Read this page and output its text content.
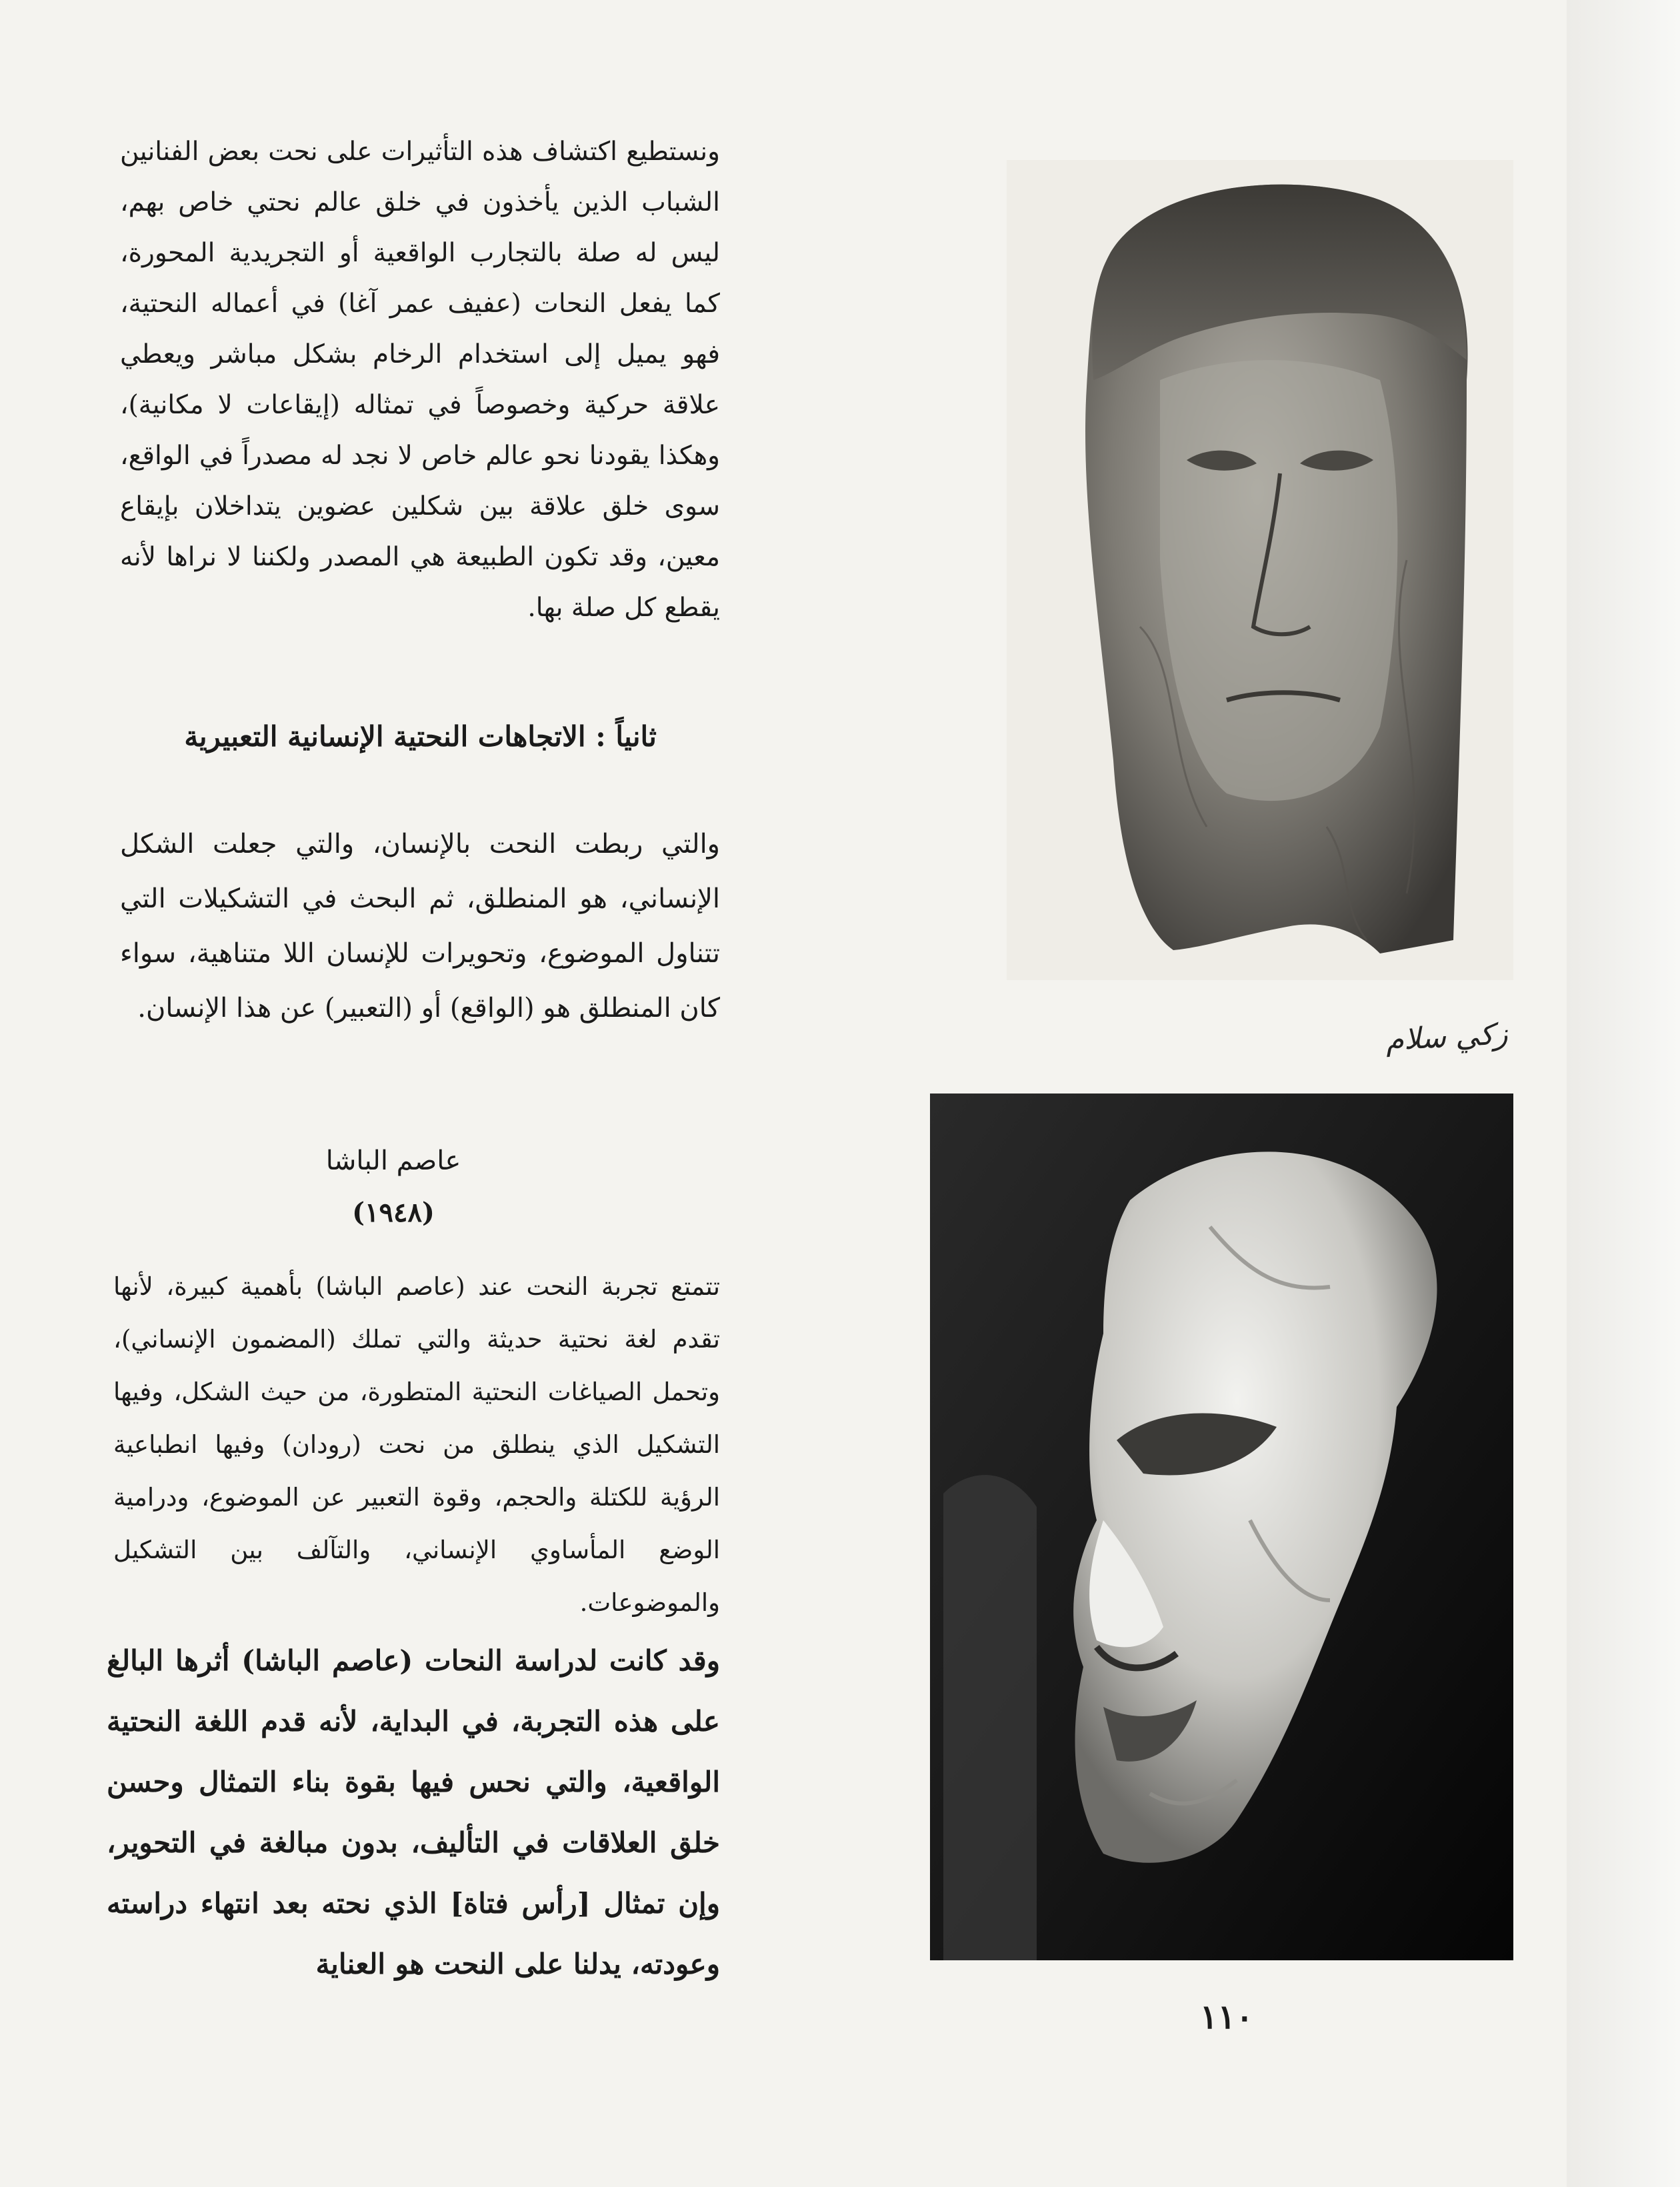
ونستطيع اكتشاف هذه التأثيرات على نحت بعض الفنانين الشباب الذين يأخذون في خلق عالم نحتي خاص بهم، ليس له صلة بالتجارب الواقعية أو التجريدية المحورة، كما يفعل النحات (عفيف عمر آغا) في أعماله النحتية، فهو يميل إلى استخدام الرخام بشكل مباشر ويعطي علاقة حركية وخصوصاً في تمثاله (إيقاعات لا مكانية)، وهكذا يقودنا نحو عالم خاص لا نجد له مصدراً في الواقع، سوى خلق علاقة بين شكلين عضوين يتداخلان بإيقاع معين، وقد تكون الطبيعة هي المصدر ولكننا لا نراها لأنه يقطع كل صلة بها.

ثانياً : الاتجاهات النحتية الإنسانية التعبيرية

والتي ربطت النحت بالإنسان، والتي جعلت الشكل الإنساني، هو المنطلق، ثم البحث في التشكيلات التي تتناول الموضوع، وتحويرات للإنسان اللا متناهية، سواء كان المنطلق هو (الواقع) أو (التعبير) عن هذا الإنسان.

عاصم الباشا
(١٩٤٨)

تتمتع تجربة النحت عند (عاصم الباشا) بأهمية كبيرة، لأنها تقدم لغة نحتية حديثة والتي تملك (المضمون الإنساني)، وتحمل الصياغات النحتية المتطورة، من حيث الشكل، وفيها التشكيل الذي ينطلق من نحت (رودان) وفيها انطباعية الرؤية للكتلة والحجم، وقوة التعبير عن الموضوع، ودرامية الوضع المأساوي الإنساني، والتآلف بين التشكيل والموضوعات.

وقد كانت لدراسة النحات (عاصم الباشا) أثرها البالغ على هذه التجربة، في البداية، لأنه قدم اللغة النحتية الواقعية، والتي نحس فيها بقوة بناء التمثال وحسن خلق العلاقات في التأليف، بدون مبالغة في التحوير، وإن تمثال [رأس فتاة] الذي نحته بعد انتهاء دراسته وعودته، يدلنا على النحت هو العناية

زكي سلام
١١٠
